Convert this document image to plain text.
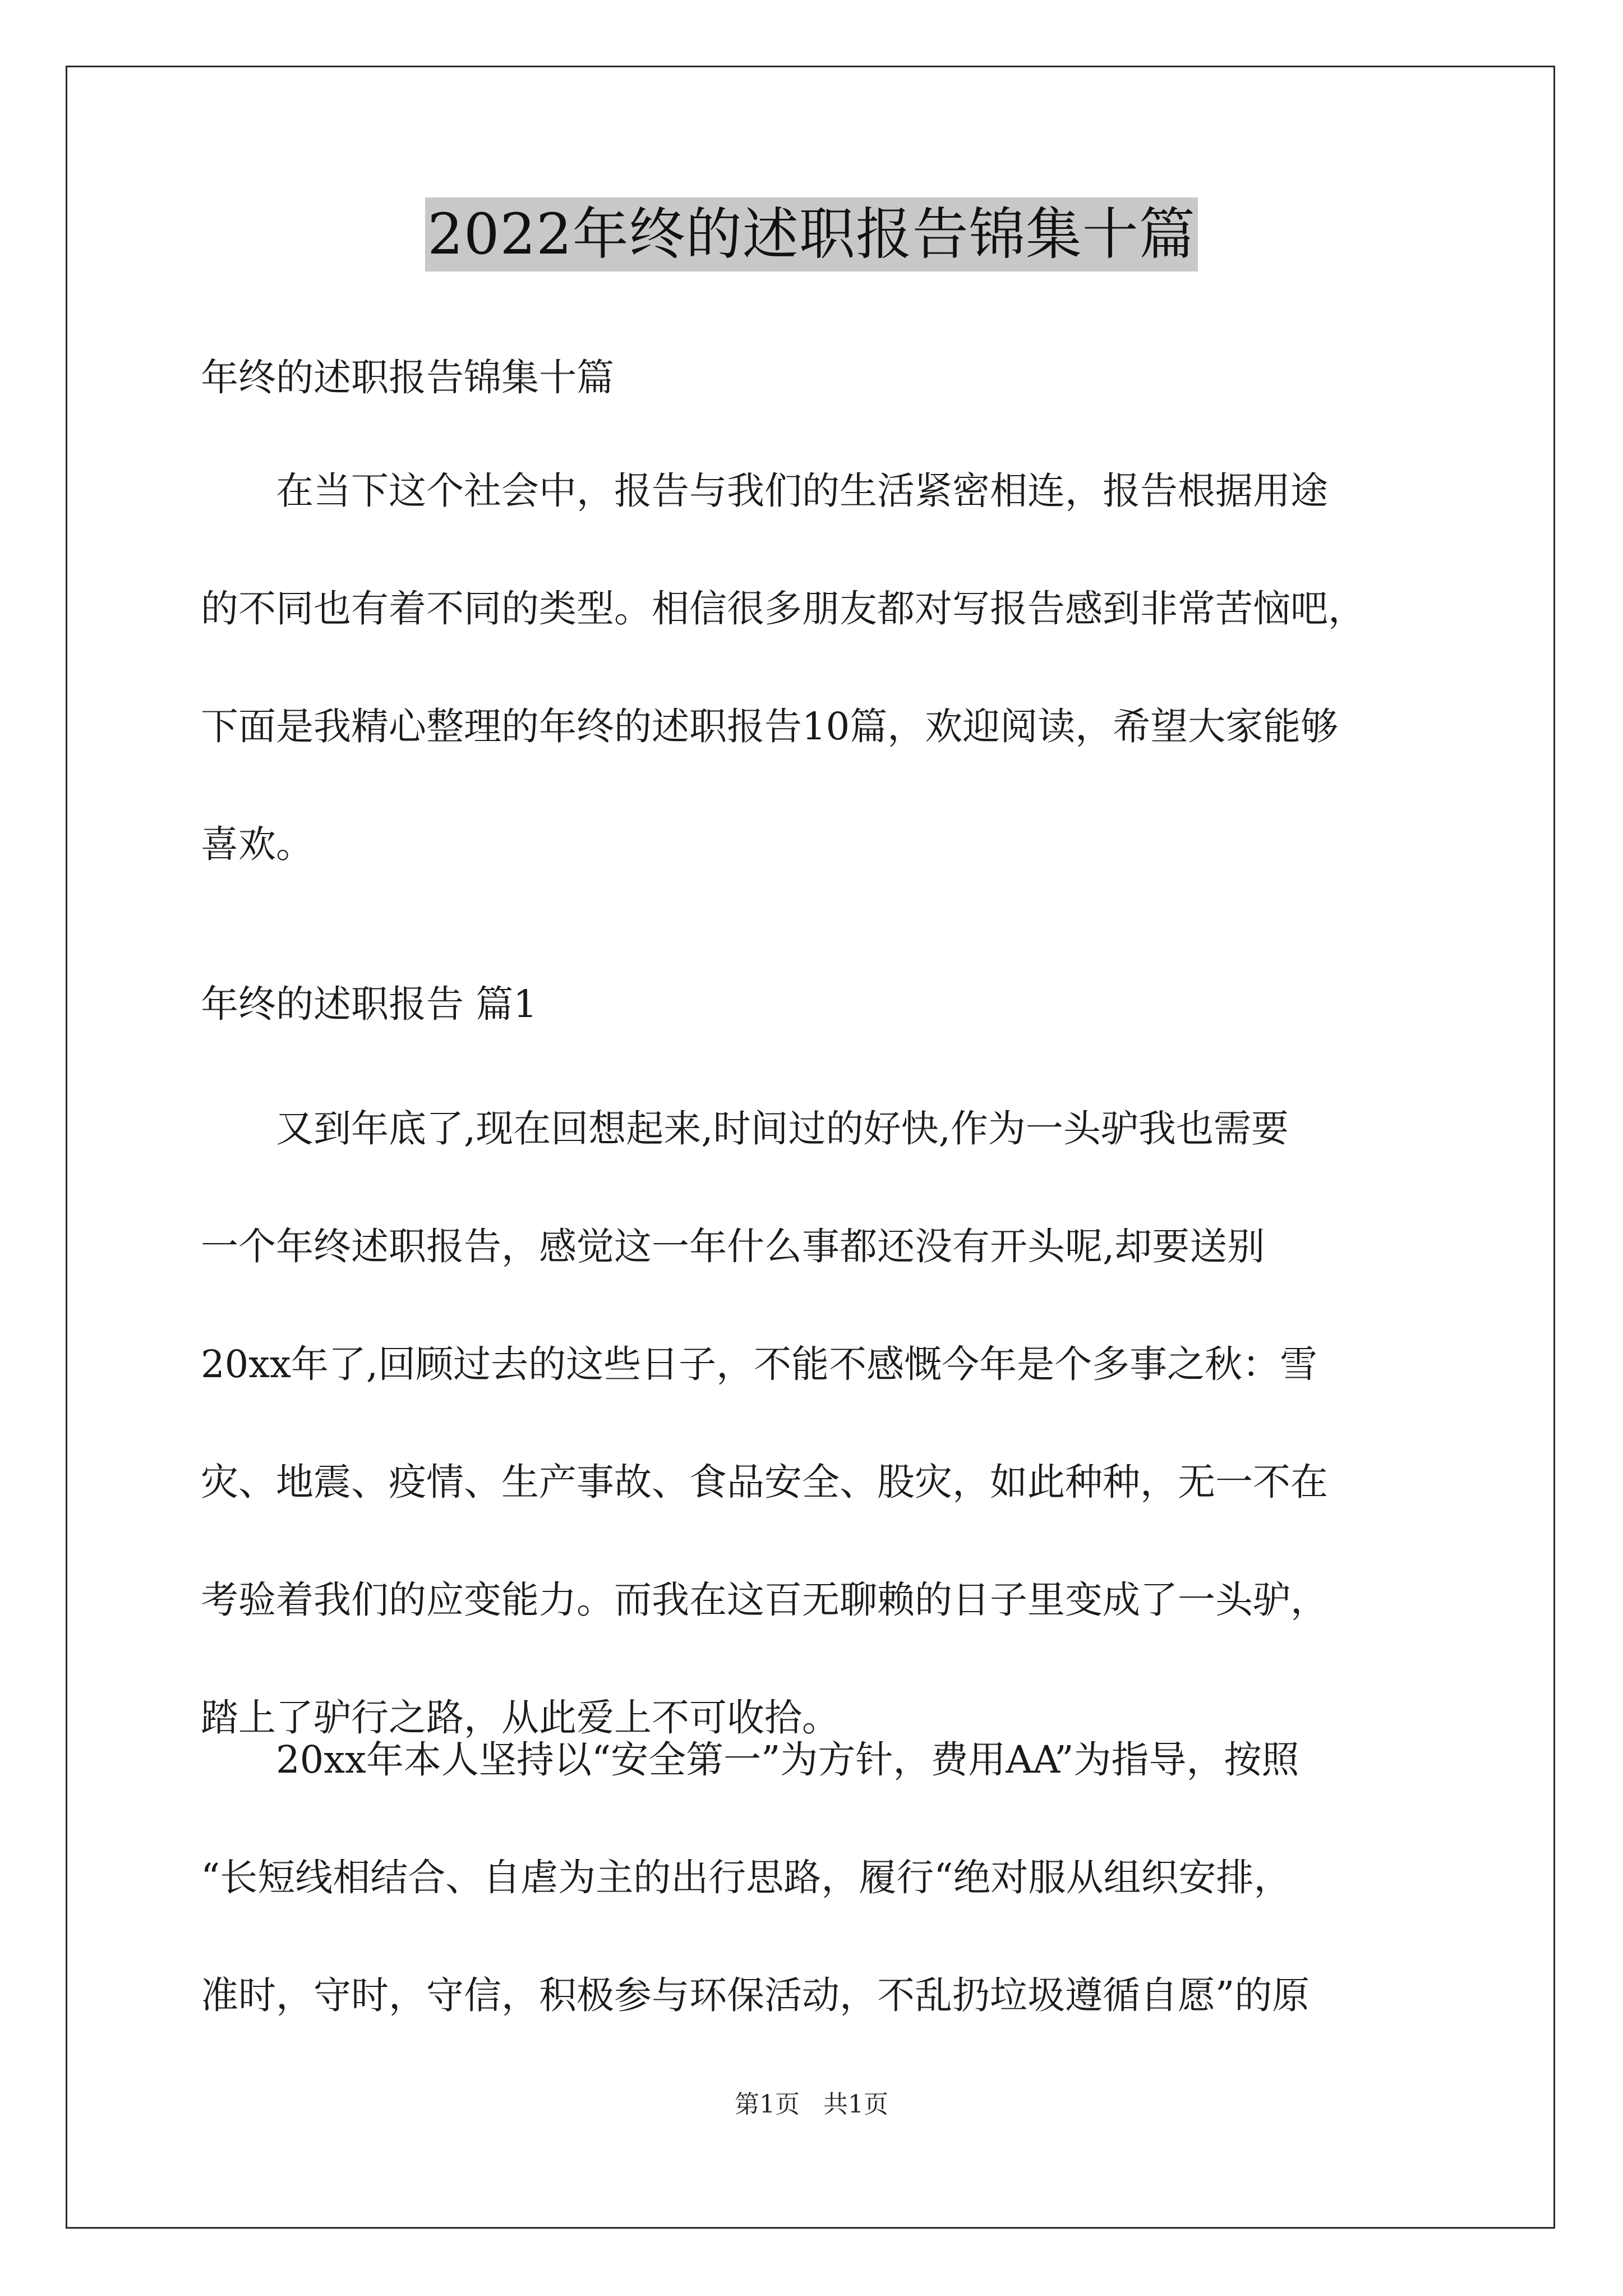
2022年终的述职报告锦集十篇
年终的述职报告锦集十篇

　　在当下这个社会中，报告与我们的生活紧密相连，报告根据用途
的不同也有着不同的类型。相信很多朋友都对写报告感到非常苦恼吧，
下面是我精心整理的年终的述职报告10篇，欢迎阅读，希望大家能够
喜欢。

年终的述职报告 篇1

　　又到年底了,现在回想起来,时间过的好快,作为一头驴我也需要
一个年终述职报告，感觉这一年什么事都还没有开头呢,却要送别
20xx年了,回顾过去的这些日子，不能不感慨今年是个多事之秋：雪
灾、地震、疫情、生产事故、食品安全、股灾，如此种种，无一不在
考验着我们的应变能力。而我在这百无聊赖的日子里变成了一头驴，
踏上了驴行之路，从此爱上不可收拾。

　　20xx年本人坚持以“安全第一”为方针，费用AA”为指导，按照
“长短线相结合、自虐为主的出行思路，履行“绝对服从组织安排，
准时，守时，守信，积极参与环保活动，不乱扔垃圾遵循自愿”的原

第1页 共1页
